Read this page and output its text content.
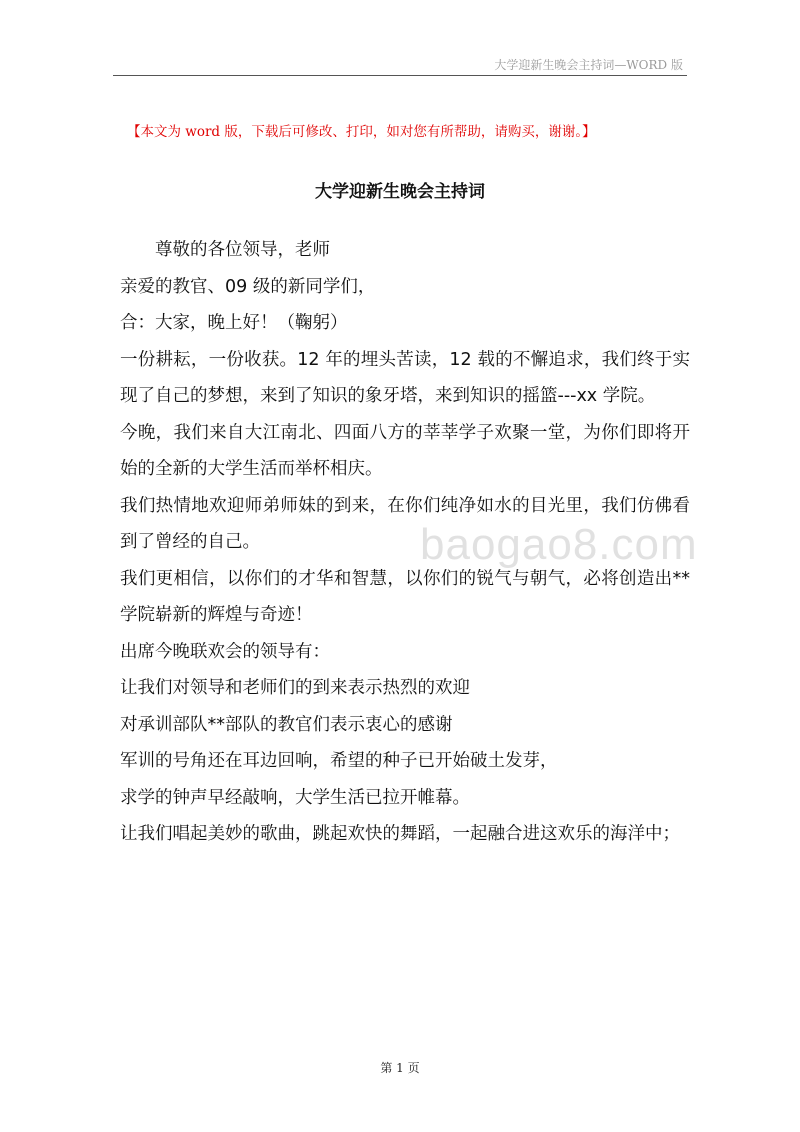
大学迎新生晚会主持词—WORD 版
【本文为 word 版，下载后可修改、打印，如对您有所帮助，请购买，谢谢。】
大学迎新生晚会主持词

尊敬的各位领导，老师

亲爱的教官、09 级的新同学们，

合：大家，晚上好！（鞠躬）

一份耕耘，一份收获。12 年的埋头苦读，12 载的不懈追求，我们终于实现了自己的梦想，来到了知识的象牙塔，来到知识的摇篮---xx 学院。

今晚，我们来自大江南北、四面八方的莘莘学子欢聚一堂，为你们即将开始的全新的大学生活而举杯相庆。

我们热情地欢迎师弟师妹的到来，在你们纯净如水的目光里，我们仿佛看到了曾经的自己。

我们更相信，以你们的才华和智慧，以你们的锐气与朝气，必将创造出**学院崭新的辉煌与奇迹！

出席今晚联欢会的领导有：

让我们对领导和老师们的到来表示热烈的欢迎

对承训部队**部队的教官们表示衷心的感谢

军训的号角还在耳边回响，希望的种子已开始破土发芽，

求学的钟声早经敲响，大学生活已拉开帷幕。

让我们唱起美妙的歌曲，跳起欢快的舞蹈，一起融合进这欢乐的海洋中；

baogao8.com
第 1 页
